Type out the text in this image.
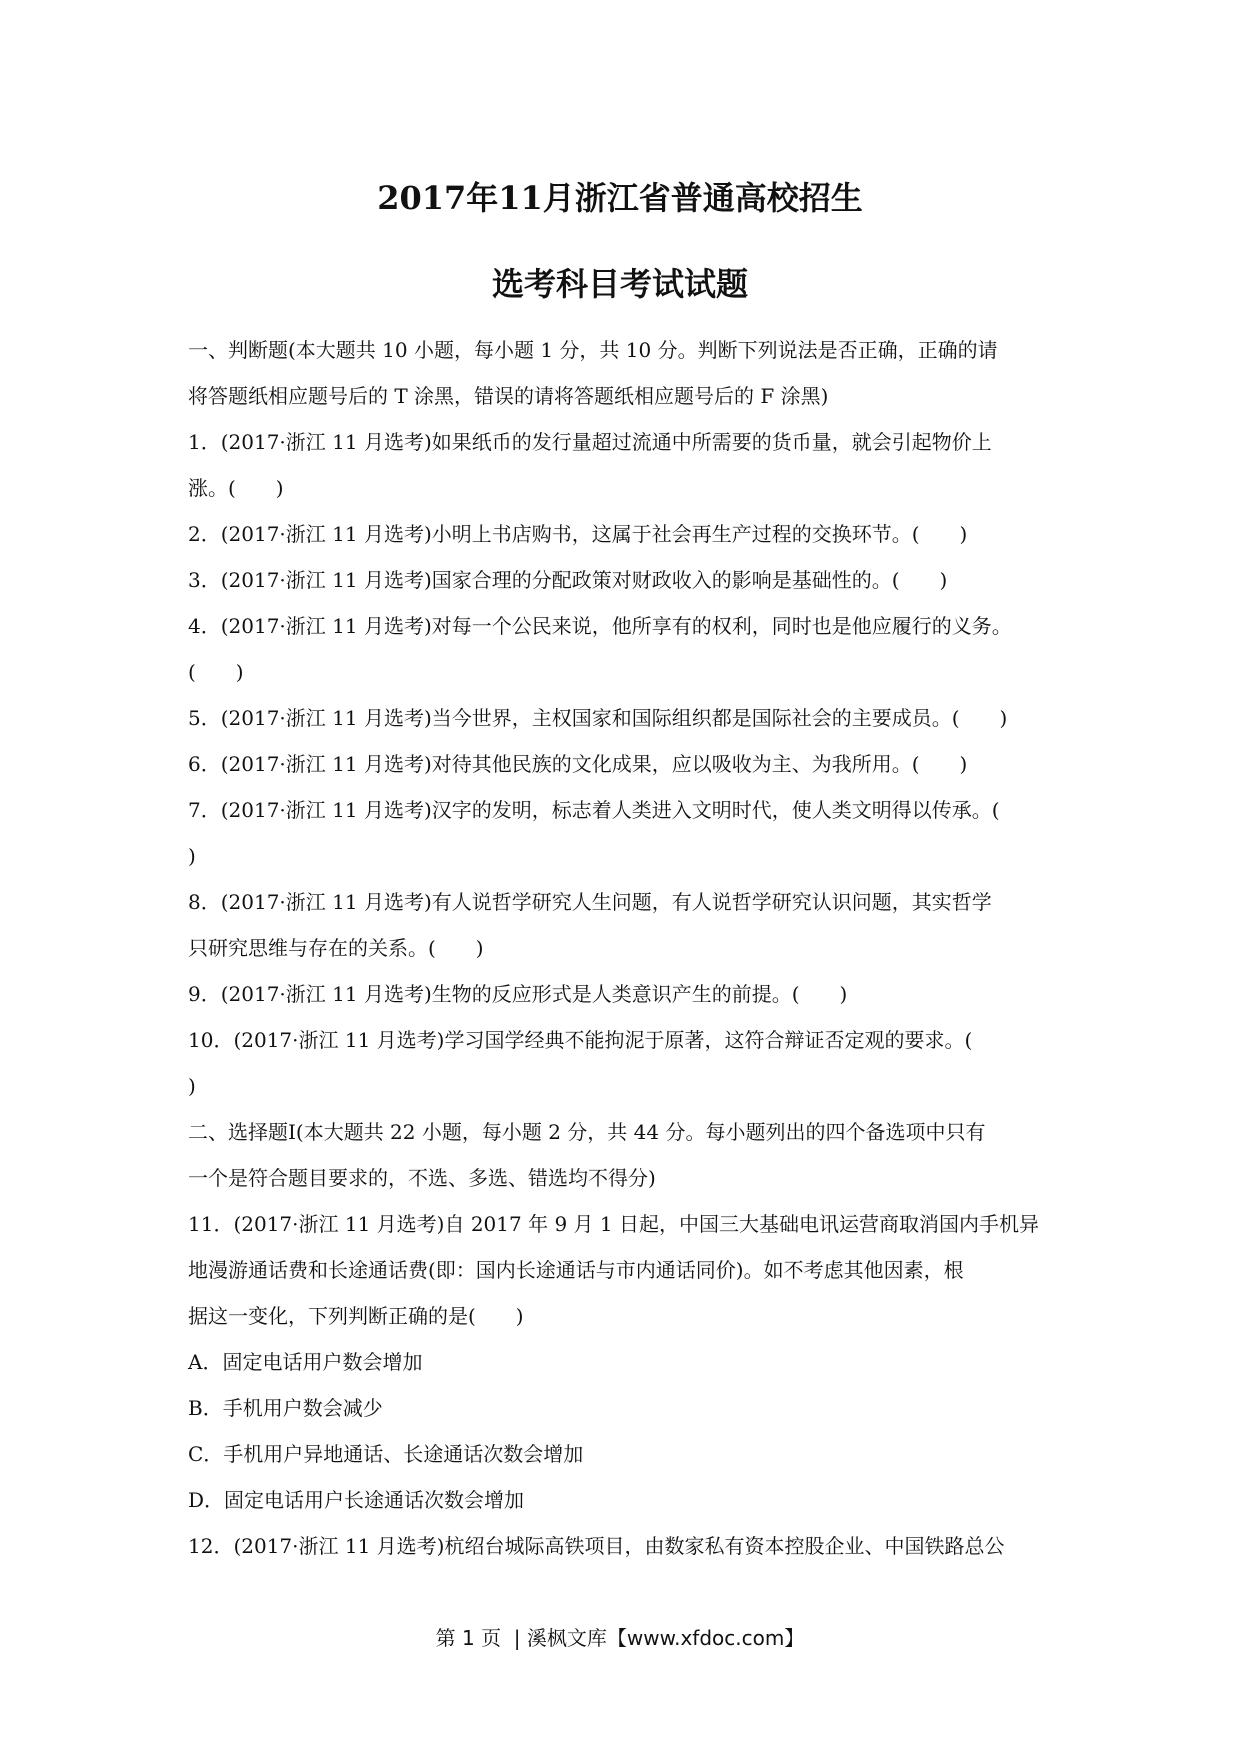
2017年11月浙江省普通高校招生
选考科目考试试题

一、判断题(本大题共 10 小题，每小题 1 分，共 10 分。判断下列说法是否正确，正确的请

将答题纸相应题号后的 T 涂黑，错误的请将答题纸相应题号后的 F 涂黑)

1．(2017·浙江 11 月选考)如果纸币的发行量超过流通中所需要的货币量，就会引起物价上

涨。(　　)

2．(2017·浙江 11 月选考)小明上书店购书，这属于社会再生产过程的交换环节。(　　)

3．(2017·浙江 11 月选考)国家合理的分配政策对财政收入的影响是基础性的。(　　)

4．(2017·浙江 11 月选考)对每一个公民来说，他所享有的权利，同时也是他应履行的义务。

(　　)

5．(2017·浙江 11 月选考)当今世界，主权国家和国际组织都是国际社会的主要成员。(　　)

6．(2017·浙江 11 月选考)对待其他民族的文化成果，应以吸收为主、为我所用。(　　)

7．(2017·浙江 11 月选考)汉字的发明，标志着人类进入文明时代，使人类文明得以传承。(

)

8．(2017·浙江 11 月选考)有人说哲学研究人生问题，有人说哲学研究认识问题，其实哲学

只研究思维与存在的关系。(　　)

9．(2017·浙江 11 月选考)生物的反应形式是人类意识产生的前提。(　　)

10．(2017·浙江 11 月选考)学习国学经典不能拘泥于原著，这符合辩证否定观的要求。(

)

二、选择题Ⅰ(本大题共 22 小题，每小题 2 分，共 44 分。每小题列出的四个备选项中只有

一个是符合题目要求的，不选、多选、错选均不得分)

11．(2017·浙江 11 月选考)自 2017 年 9 月 1 日起，中国三大基础电讯运营商取消国内手机异

地漫游通话费和长途通话费(即：国内长途通话与市内通话同价)。如不考虑其他因素，根

据这一变化，下列判断正确的是(　　)

A．固定电话用户数会增加

B．手机用户数会减少

C．手机用户异地通话、长途通话次数会增加

D．固定电话用户长途通话次数会增加

12．(2017·浙江 11 月选考)杭绍台城际高铁项目，由数家私有资本控股企业、中国铁路总公

第 1 页  | 溪枫文库【www.xfdoc.com】
